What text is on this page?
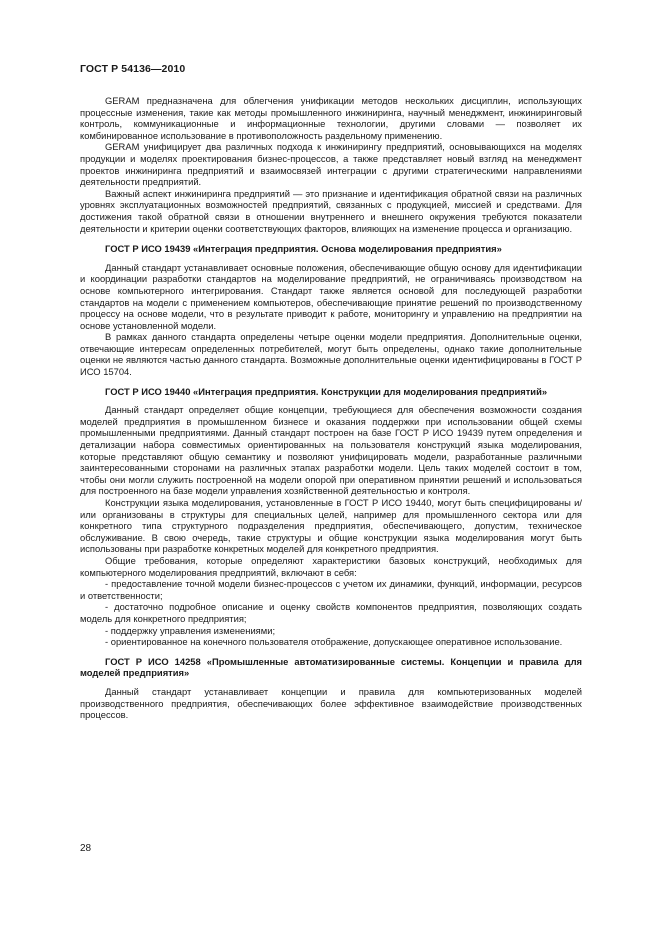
ГОСТ Р 54136—2010

GERAM предназначена для облегчения унификации методов нескольких дисциплин, использующих процессные изменения, такие как методы промышленного инжиниринга, научный менеджмент, инжиниринговый контроль, коммуникационные и информационные технологии, другими словами — позволяет их комбинированное использование в противоположность раздельному применению.

GERAM унифицирует два различных подхода к инжинирингу предприятий, основывающихся на моделях продукции и моделях проектирования бизнес-процессов, а также представляет новый взгляд на менеджмент проектов инжиниринга предприятий и взаимосвязей интеграции с другими стратегическими направлениями деятельности предприятий.

Важный аспект инжиниринга предприятий — это признание и идентификация обратной связи на различных уровнях эксплуатационных возможностей предприятий, связанных с продукцией, миссией и средствами. Для достижения такой обратной связи в отношении внутреннего и внешнего окружения требуются показатели деятельности и критерии оценки соответствующих факторов, влияющих на изменение процесса и организацию.

ГОСТ Р ИСО 19439 «Интеграция предприятия. Основа моделирования предприятия»

Данный стандарт устанавливает основные положения, обеспечивающие общую основу для идентификации и координации разработки стандартов на моделирование предприятий, не ограничиваясь производством на основе компьютерного интегрирования. Стандарт также является основой для последующей разработки стандартов на модели с применением компьютеров, обеспечивающие принятие решений по производственному процессу на основе модели, что в результате приводит к работе, мониторингу и управлению на предприятии на основе установленной модели.

В рамках данного стандарта определены четыре оценки модели предприятия. Дополнительные оценки, отвечающие интересам определенных потребителей, могут быть определены, однако такие дополнительные оценки не являются частью данного стандарта. Возможные дополнительные оценки идентифицированы в ГОСТ Р ИСО 15704.

ГОСТ Р ИСО 19440 «Интеграция предприятия. Конструкции для моделирования предприятий»

Данный стандарт определяет общие концепции, требующиеся для обеспечения возможности создания моделей предприятия в промышленном бизнесе и оказания поддержки при использовании общей схемы промышленными предприятиями. Данный стандарт построен на базе ГОСТ Р ИСО 19439 путем определения и детализации набора совместимых ориентированных на пользователя конструкций языка моделирования, которые представляют общую семантику и позволяют унифицировать модели, разработанные различными заинтересованными сторонами на различных этапах разработки модели. Цель таких моделей состоит в том, чтобы они могли служить построенной на модели опорой при оперативном принятии решений и использоваться для построенного на базе модели управления хозяйственной деятельностью и контроля.

Конструкции языка моделирования, установленные в ГОСТ Р ИСО 19440, могут быть специфицированы и/или организованы в структуры для специальных целей, например для промышленного сектора или для конкретного типа структурного подразделения предприятия, обеспечивающего, допустим, техническое обслуживание. В свою очередь, такие структуры и общие конструкции языка моделирования могут быть использованы при разработке конкретных моделей для конкретного предприятия.

Общие требования, которые определяют характеристики базовых конструкций, необходимых для компьютерного моделирования предприятий, включают в себя:

- предоставление точной модели бизнес-процессов с учетом их динамики, функций, информации, ресурсов и ответственности;

- достаточно подробное описание и оценку свойств компонентов предприятия, позволяющих создать модель для конкретного предприятия;

- поддержку управления изменениями;

- ориентированное на конечного пользователя отображение, допускающее оперативное использование.

ГОСТ Р ИСО 14258 «Промышленные автоматизированные системы. Концепции и правила для моделей предприятия»

Данный стандарт устанавливает концепции и правила для компьютеризованных моделей производственного предприятия, обеспечивающих более эффективное взаимодействие производственных процессов.

28
